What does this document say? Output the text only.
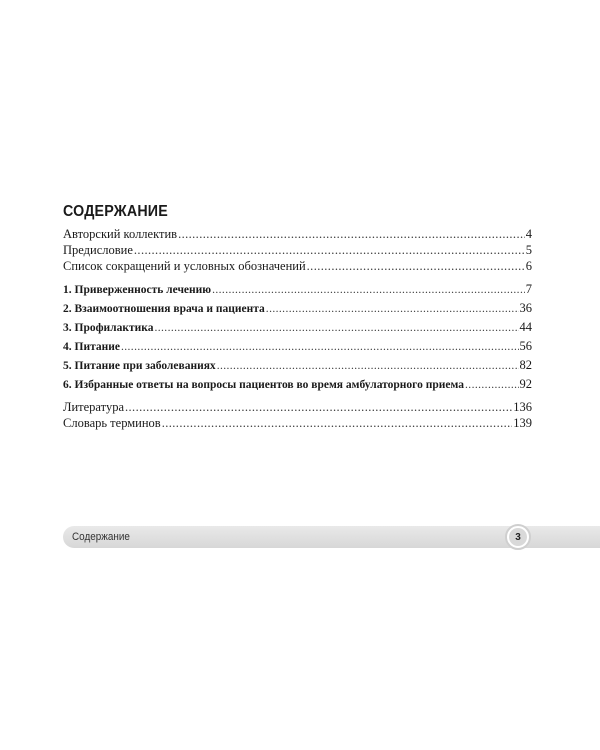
СОДЕРЖАНИЕ
Авторский коллектив .....	4
Предисловие .....	5
Список сокращений и условных обозначений .....	6
1. Приверженность лечению .....	7
2. Взаимоотношения врача и пациента .....	36
3. Профилактика .....	44
4. Питание .....	56
5. Питание при заболеваниях .....	82
6. Избранные ответы на вопросы пациентов во время амбулаторного приема .....	92
Литература .....	136
Словарь терминов .....	139
Содержание	3
